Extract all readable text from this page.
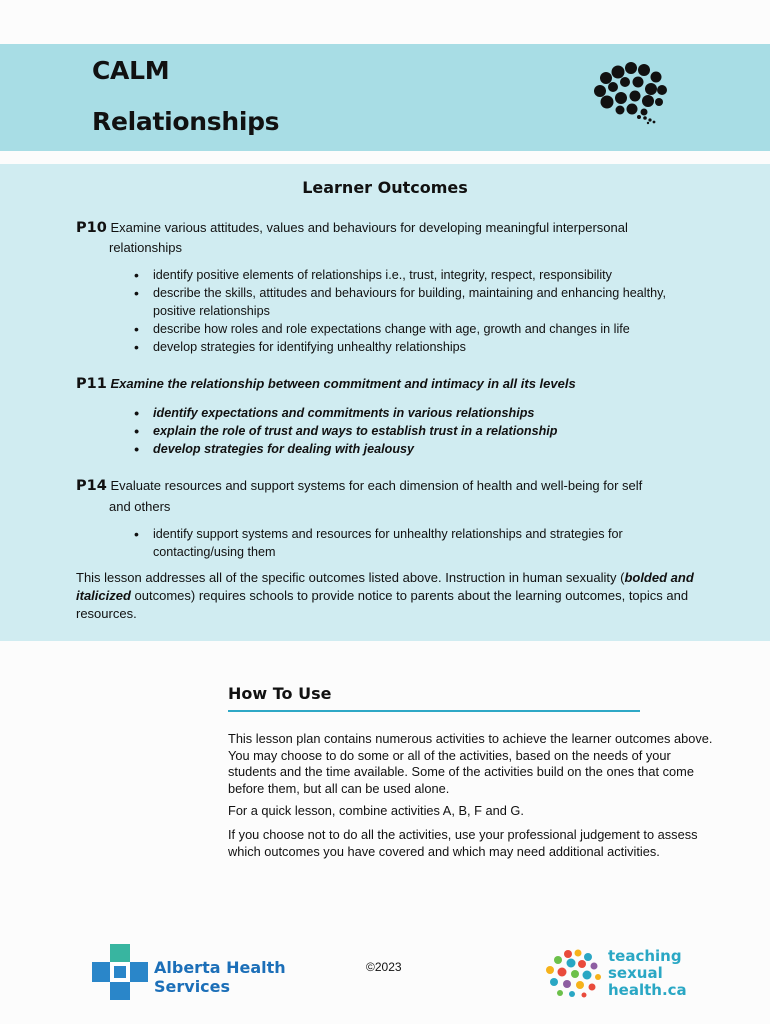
CALM
Relationships
Learner Outcomes
P10 Examine various attitudes, values and behaviours for developing meaningful interpersonal
relationships
• identify positive elements of relationships i.e., trust, integrity, respect, responsibility
• describe the skills, attitudes and behaviours for building, maintaining and enhancing healthy, positive relationships
• describe how roles and role expectations change with age, growth and changes in life
• develop strategies for identifying unhealthy relationships
P11 Examine the relationship between commitment and intimacy in all its levels
• identify expectations and commitments in various relationships
• explain the role of trust and ways to establish trust in a relationship
• develop strategies for dealing with jealousy
P14 Evaluate resources and support systems for each dimension of health and well-being for self
and others
• identify support systems and resources for unhealthy relationships and strategies for contacting/using them
This lesson addresses all of the specific outcomes listed above. Instruction in human sexuality (bolded and italicized outcomes) requires schools to provide notice to parents about the learning outcomes, topics and resources.
How To Use
This lesson plan contains numerous activities to achieve the learner outcomes above. You may choose to do some or all of the activities, based on the needs of your students and the time available. Some of the activities build on the ones that come before them, but all can be used alone.
For a quick lesson, combine activities A, B, F and G.
If you choose not to do all the activities, use your professional judgement to assess which outcomes you have covered and which may need additional activities.
Alberta Health
Services
©2023
teaching
sexual
health.ca
